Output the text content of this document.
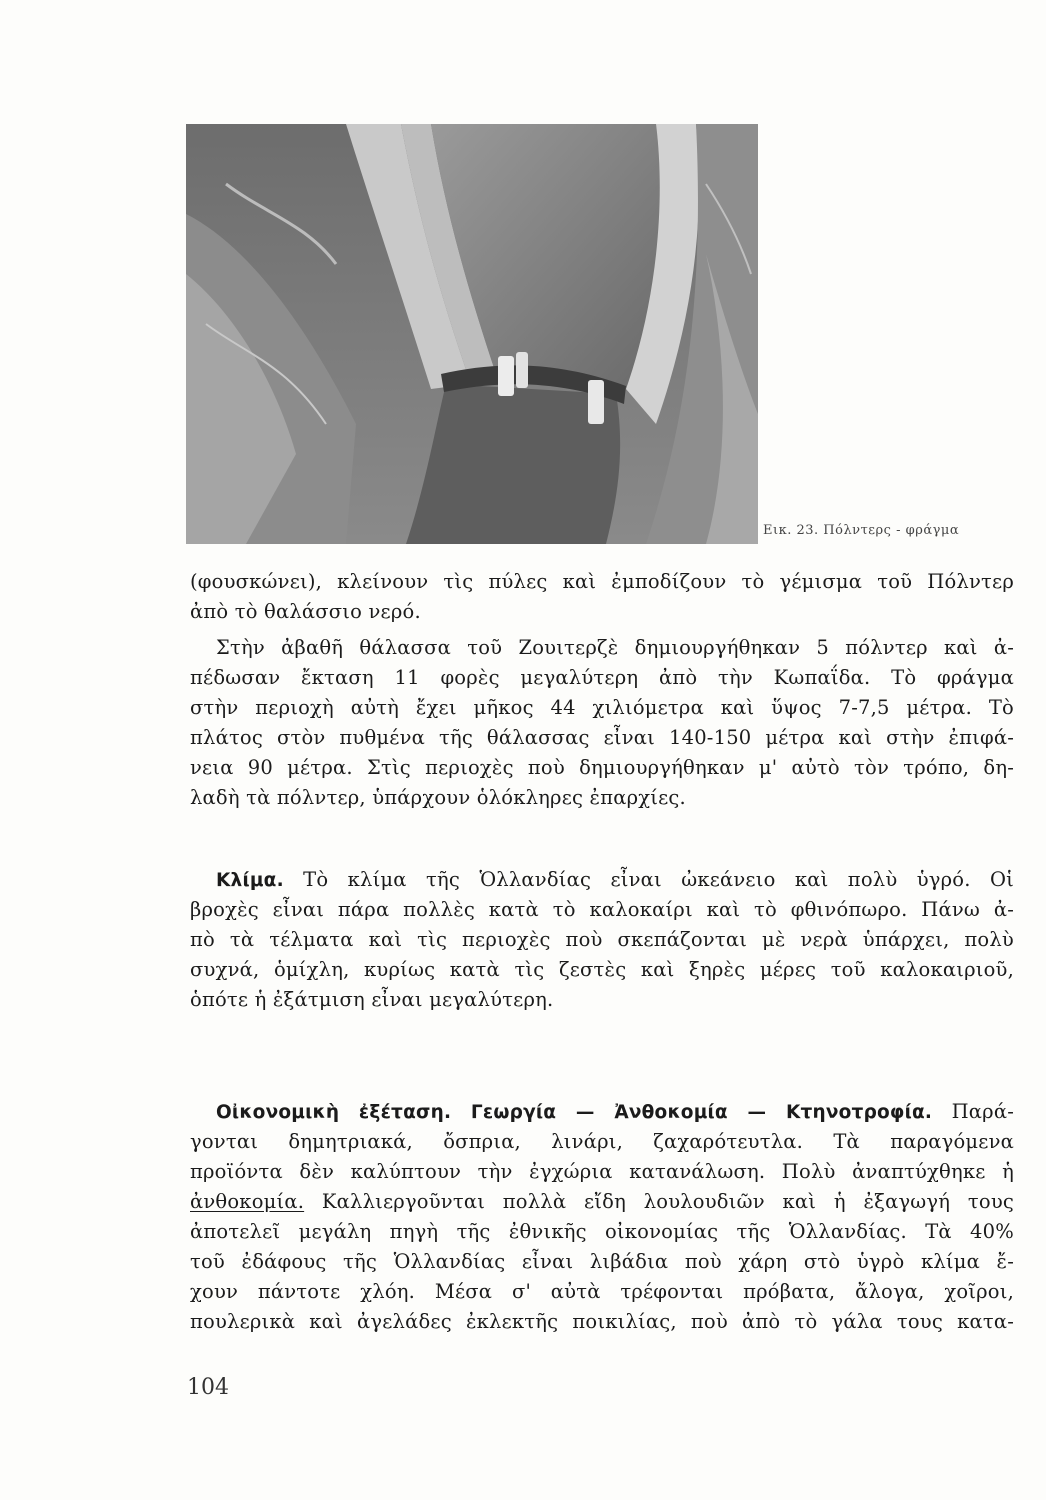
Εικ. 23. Πόλντερς - φράγμα
(φουσκώνει), κλείνουν τὶς πύλες καὶ ἐμποδίζουν τὸ γέμισμα τοῦ Πόλντερ
ἀπὸ τὸ θαλάσσιο νερό.
Στὴν ἀβαθῆ θάλασσα τοῦ Ζουιτερζὲ δημιουργήθηκαν 5 πόλντερ καὶ ἀ-
πέδωσαν ἔκταση 11 φορὲς μεγαλύτερη ἀπὸ τὴν Κωπαΐδα. Τὸ φράγμα
στὴν περιοχὴ αὐτὴ ἔχει μῆκος 44 χιλιόμετρα καὶ ὕψος 7-7,5 μέτρα. Τὸ
πλάτος στὸν πυθμένα τῆς θάλασσας εἶναι 140-150 μέτρα καὶ στὴν ἐπιφά-
νεια 90 μέτρα. Στὶς περιοχὲς ποὺ δημιουργήθηκαν μ' αὐτὸ τὸν τρόπο, δη-
λαδὴ τὰ πόλντερ, ὑπάρχουν ὁλόκληρες ἐπαρχίες.
Κλίμα. Τὸ κλίμα τῆς Ὁλλανδίας εἶναι ὠκεάνειο καὶ πολὺ ὑγρό. Οἱ
βροχὲς εἶναι πάρα πολλὲς κατὰ τὸ καλοκαίρι καὶ τὸ φθινόπωρο. Πάνω ἀ-
πὸ τὰ τέλματα καὶ τὶς περιοχὲς ποὺ σκεπάζονται μὲ νερὰ ὑπάρχει, πολὺ
συχνά, ὁμίχλη, κυρίως κατὰ τὶς ζεστὲς καὶ ξηρὲς μέρες τοῦ καλοκαιριοῦ,
ὁπότε ἡ ἐξάτμιση εἶναι μεγαλύτερη.
Οἰκονομικὴ ἐξέταση. Γεωργία — Ἀνθοκομία — Κτηνοτροφία. Παρά-
γονται δημητριακά, ὄσπρια, λινάρι, ζαχαρότευτλα. Τὰ παραγόμενα
προϊόντα δὲν καλύπτουν τὴν ἐγχώρια κατανάλωση. Πολὺ ἀναπτύχθηκε ἡ
ἀνθοκομία. Καλλιεργοῦνται πολλὰ εἴδη λουλουδιῶν καὶ ἡ ἐξαγωγή τους
ἀποτελεῖ μεγάλη πηγὴ τῆς ἐθνικῆς οἰκονομίας τῆς Ὁλλανδίας. Τὰ 40%
τοῦ ἐδάφους τῆς Ὁλλανδίας εἶναι λιβάδια ποὺ χάρη στὸ ὑγρὸ κλίμα ἔ-
χουν πάντοτε χλόη. Μέσα σ' αὐτὰ τρέφονται πρόβατα, ἄλογα, χοῖροι,
πουλερικὰ καὶ ἀγελάδες ἐκλεκτῆς ποικιλίας, ποὺ ἀπὸ τὸ γάλα τους κατα-
104
